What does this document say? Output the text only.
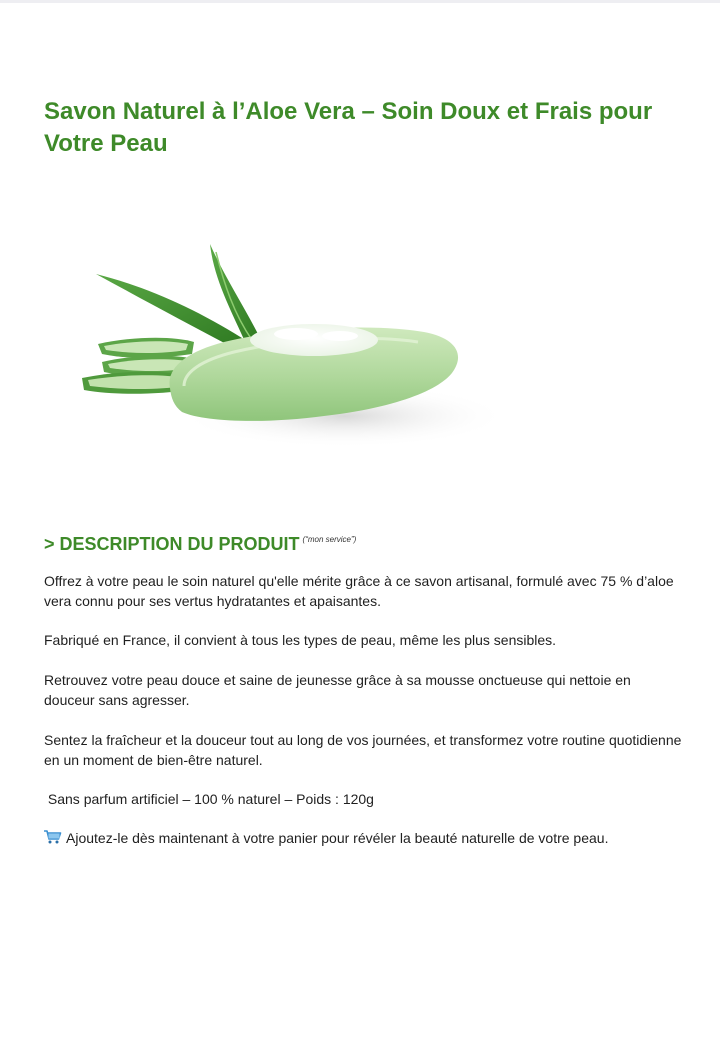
Savon Naturel à l’Aloe Vera – Soin Doux et Frais pour Votre Peau
> DESCRIPTION DU PRODUIT $^{(“mon service”)}$

Offrez à votre peau le soin naturel qu'elle mérite grâce à ce savon artisanal, formulé avec 75 % d’aloe vera connu pour ses vertus hydratantes et apaisantes.

Fabriqué en France, il convient à tous les types de peau, même les plus sensibles.

Retrouvez votre peau douce et saine de jeunesse grâce à sa mousse onctueuse qui nettoie en douceur sans agresser.

Sentez la fraîcheur et la douceur tout au long de vos journées, et transformez votre routine quotidienne en un moment de bien-être naturel.

Sans parfum artificiel – 100 % naturel – Poids : 120g

Ajoutez-le dès maintenant à votre panier pour révéler la beauté naturelle de votre peau.
